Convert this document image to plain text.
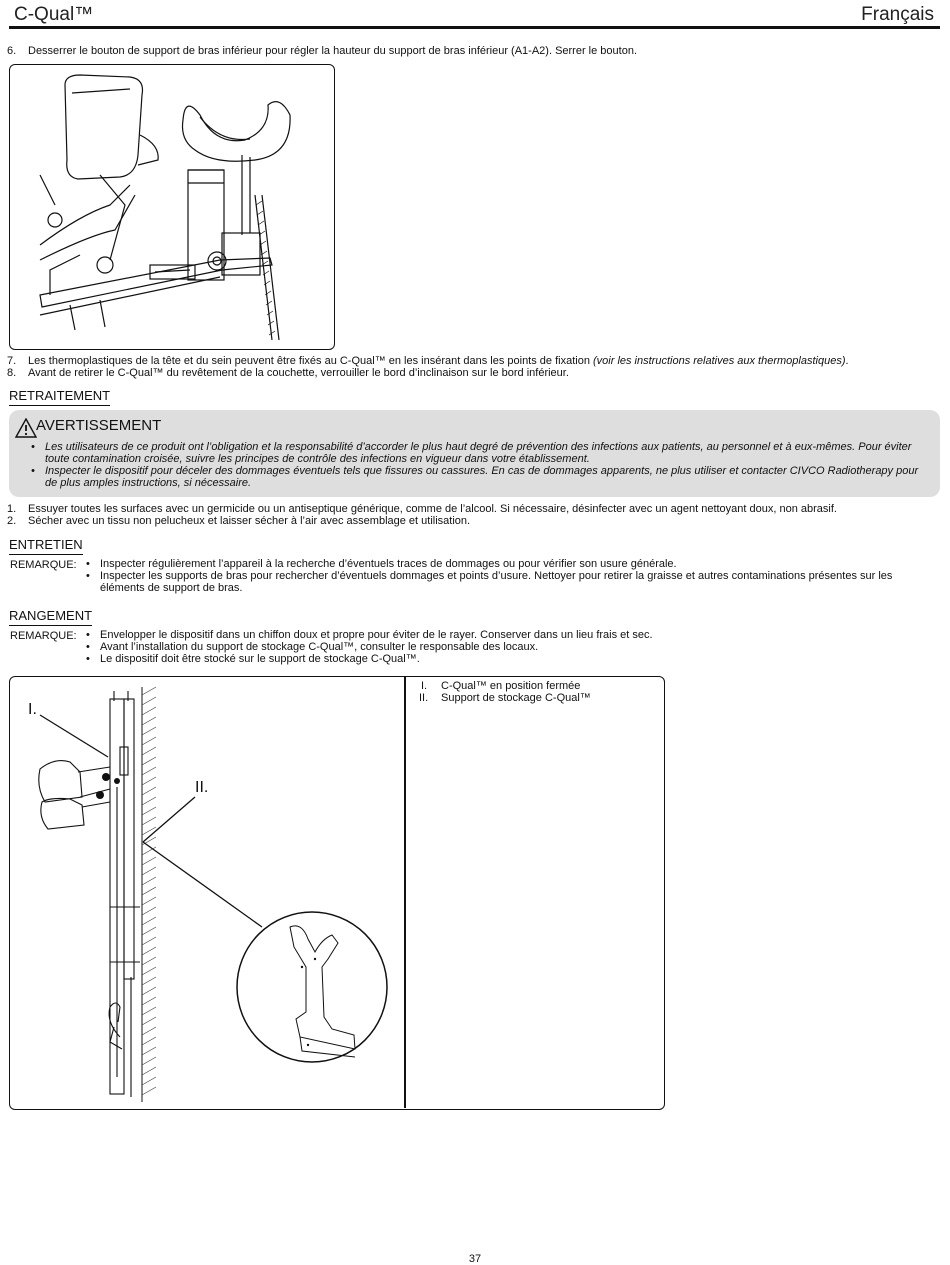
C-Qual™	Français
6.	Desserrer le bouton de support de bras inférieur pour régler la hauteur du support de bras inférieur (A1-A2). Serrer le bouton.
7.	Les thermoplastiques de la tête et du sein peuvent être fixés au C-Qual™ en les insérant dans les points de fixation (voir les instructions relatives aux thermoplastiques).
8.	Avant de retirer le C-Qual™ du revêtement de la couchette, verrouiller le bord d’inclinaison sur le bord inférieur.
RETRAITEMENT
AVERTISSEMENT
• Les utilisateurs de ce produit ont l’obligation et la responsabilité d’accorder le plus haut degré de prévention des infections aux patients, au personnel et à eux-mêmes. Pour éviter toute contamination croisée, suivre les principes de contrôle des infections en vigueur dans votre établissement.
• Inspecter le dispositif pour déceler des dommages éventuels tels que fissures ou cassures. En cas de dommages apparents, ne plus utiliser et contacter CIVCO Radiotherapy pour de plus amples instructions, si nécessaire.
1.	Essuyer toutes les surfaces avec un germicide ou un antiseptique générique, comme de l’alcool. Si nécessaire, désinfecter avec un agent nettoyant doux, non abrasif.
2.	Sécher avec un tissu non pelucheux et laisser sécher à l’air avec assemblage et utilisation.
ENTRETIEN
REMARQUE:	• Inspecter régulièrement l’appareil à la recherche d’éventuels traces de dommages ou pour vérifier son usure générale.
• Inspecter les supports de bras pour rechercher d’éventuels dommages et points d’usure. Nettoyer pour retirer la graisse et autres contaminations présentes sur les éléments de support de bras.
RANGEMENT
REMARQUE:	• Envelopper le dispositif dans un chiffon doux et propre pour éviter de le rayer. Conserver dans un lieu frais et sec.
• Avant l’installation du support de stockage C-Qual™, consulter le responsable des locaux.
• Le dispositif doit être stocké sur le support de stockage C-Qual™.
I.
II.
I. C-Qual™ en position fermée
II. Support de stockage C-Qual™
37
